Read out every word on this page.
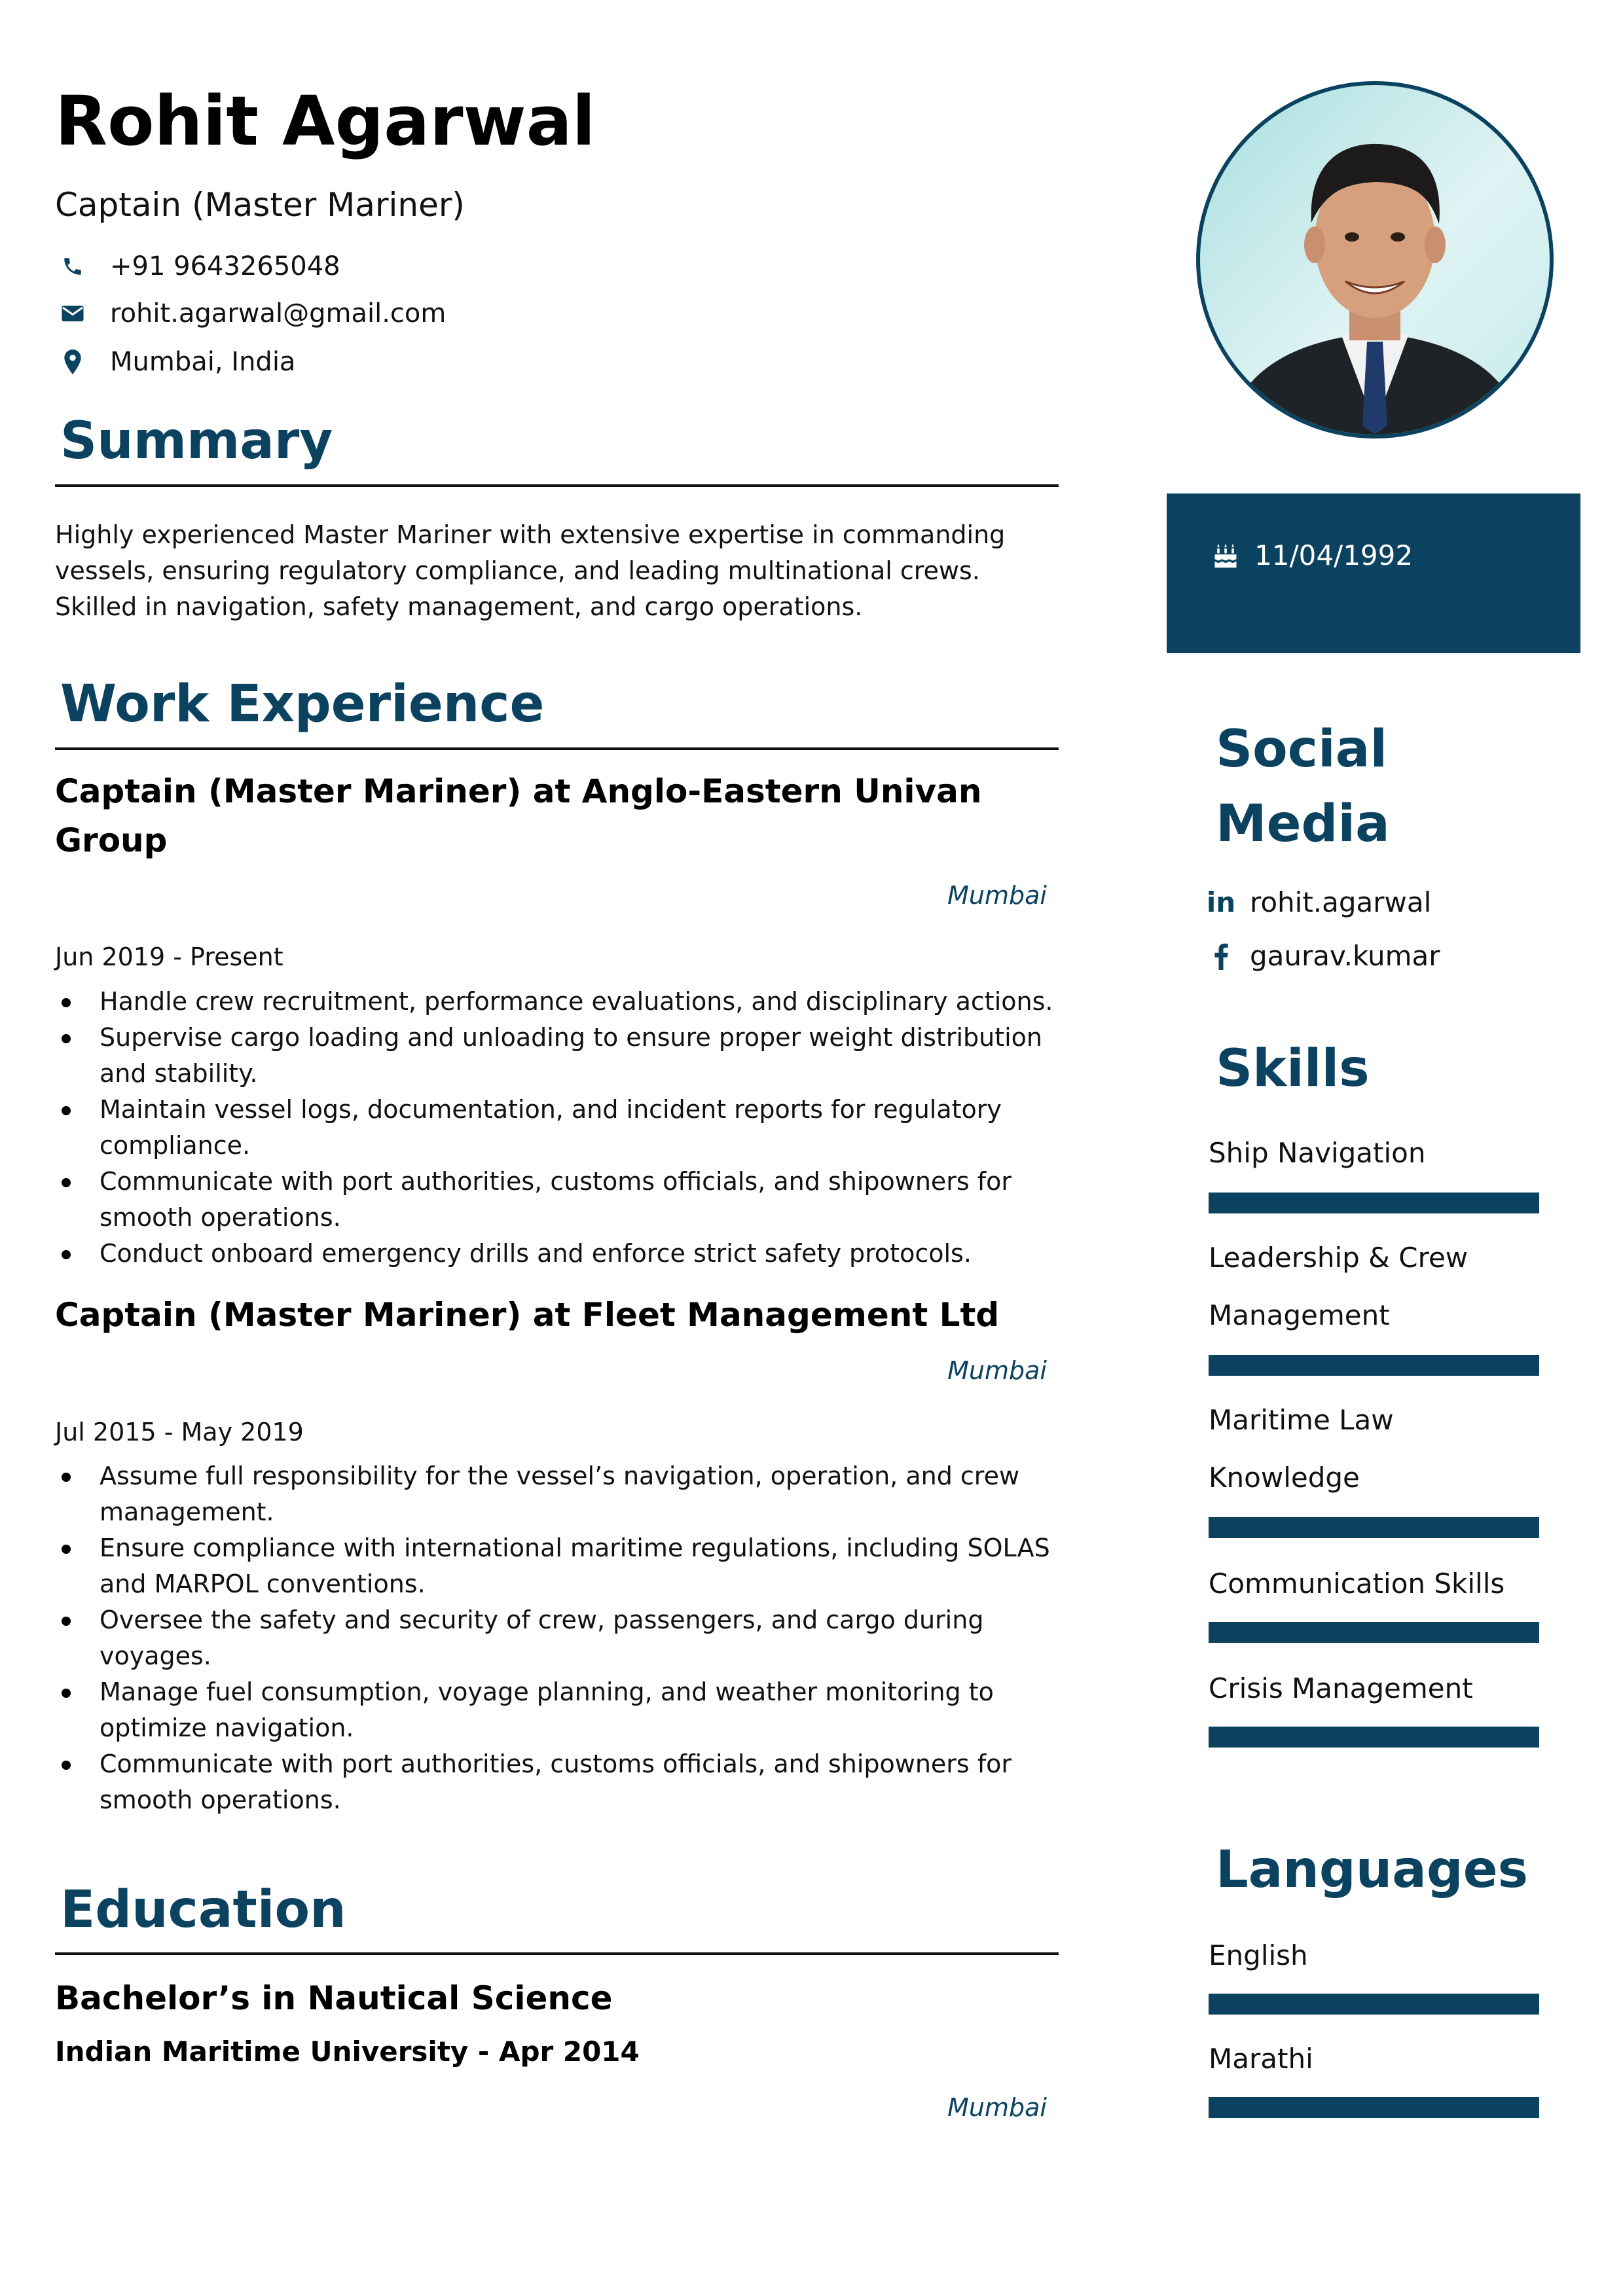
Rohit Agarwal
Captain (Master Mariner)
+91 9643265048
rohit.agarwal@gmail.com
Mumbai, India
Summary
Highly experienced Master Mariner with extensive expertise in commanding vessels, ensuring regulatory compliance, and leading multinational crews. Skilled in navigation, safety management, and cargo operations.
Work Experience
Captain (Master Mariner) at Anglo-Eastern Univan Group
Mumbai
Jun 2019 - Present
Handle crew recruitment, performance evaluations, and disciplinary actions.
Supervise cargo loading and unloading to ensure proper weight distribution and stability.
Maintain vessel logs, documentation, and incident reports for regulatory compliance.
Communicate with port authorities, customs officials, and shipowners for smooth operations.
Conduct onboard emergency drills and enforce strict safety protocols.
Captain (Master Mariner) at Fleet Management Ltd
Mumbai
Jul 2015 - May 2019
Assume full responsibility for the vessel’s navigation, operation, and crew management.
Ensure compliance with international maritime regulations, including SOLAS and MARPOL conventions.
Oversee the safety and security of crew, passengers, and cargo during voyages.
Manage fuel consumption, voyage planning, and weather monitoring to optimize navigation.
Communicate with port authorities, customs officials, and shipowners for smooth operations.
Education
Bachelor’s in Nautical Science
Indian Maritime University - Apr 2014
Mumbai
11/04/1992
Social
Media
in rohit.agarwal
gaurav.kumar
Skills
Ship Navigation
Leadership & Crew Management
Maritime Law Knowledge
Communication Skills
Crisis Management
Languages
English
Marathi
